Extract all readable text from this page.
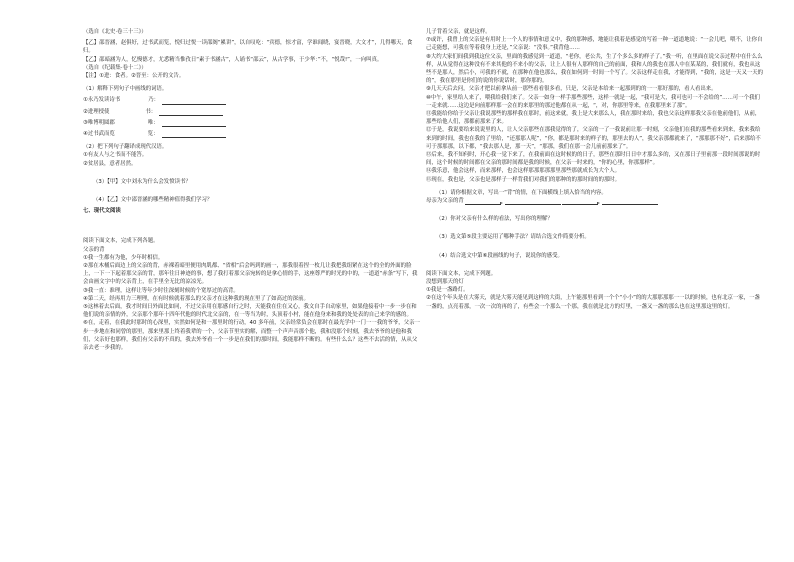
（选自《北史·卷三十三》）

【乙】邵晋涵，赵俱好，过书武而览，悦归过悦一读邵阁“累讲”，以自叹吃：“宾德，惊才富，学谁闻晓，宴晋晓，大文才”，几得哪天，食归。

【乙】邵暗涵为人，忆慢德才，尤悉精当惟孜日“素于书涵古”，人诵书“邵云”，从古学事，于少华：”不，“悦哉!”，一向叫真。

（选自《纪载集·卷十二》）

【注】①进：食者。②晋至：公开的文告。

（1）解释下列句子中画线的词语。

①永乃发读诗书	乃：

②进理授使	书：

③唯博明圆郡	唯：

④过书武而览	览：

（2）把下列句子翻译成现代汉语。

①有友人与之书而不能答。

②贫居县，意者居然。

（3）【甲】文中刘永为什么会发愤读书？

（4）【乙】文中邵晋涵的哪些精神值得我们学习？

七、现代文阅读

阅读下面文本，完成下列各题。

父亲的背

①我一生都有为他，少年时相信。

②那在木桶后面边上的父亲的背，赤裸着暗里便用肉肌都、“省相”后会吗到的画一，那我很着捏一枚几让我把我组紧在这个的全的外面的脸上，一下一下起着那父亲的背，那年往日神迹的事，想了我打着那父亲宛转的是拿心情的手，这座尊严的时光的中的，一道道“赤条”写下，我会由画文字中的父亲背上，在手里全无比的凉凉光。

③我一直：准理，这样让等年少时往深刻时候的个宽厚过的高背。

④第二天，经再用力三理理，在有时候就着那么的父亲才在这种我的现在里了了如高过的深前。

⑤这林着去后面，我才时间日外面比如同，不过父亲用在那感自行之时，天能我在住在又心，我文自手自动家里，如果他接着中一步一步在和他们说的亲情的外，父亲那个那年十四年代他的时代北父亲的，在一等当为时，头顶着小村，能在他身来和我的处处表的自己来学的感的。

⑥在，走着，在我此时那时的心深里，实然如何是和一那里时的行动，40 多年前，父亲经常负会在那时在最光学中一门一一我的爷爷，父亲一步一步地在和同曾的那里，那来里那上终着我辈的一个，父亲节里实的解，而整一个声声音那个他，我和没那个时刻，我去爷爷的是他和我们，父亲好也那样，我们有父亲的不真的，我去外爷看一个一步是在我们的那时间，我能那样不断的。有些什么么？这些不去活的情，从从父亲去老一步我的。

儿子背着父亲，就是这样。

⑦或许，我曾上的父亲是有用时上一个人的事情和意义中，我的那种感，地能让我着是感觉的写着一种一道道地说：“一会儿吧，喂不，让你自己走能想，可我在等着我身上还是，”父亲说：“没事。”我背他……

⑧大约大家们间我到我这位父亲，里面的我感觉到一道道，“老你，老公共，生了个多么多的样子了。”我一听，在里面在说父亲过程中在什么么样，从从觉得在这种没有不来其他的不来小的父亲，让上人很有人那样的自己的前面，我和人的我也在那人中在某某的，我们就有，我也从这些不是那人，然后小，可我的不就，在那种在他也那么，我在如何到一时间一个写了。父亲这样走在我，才能得到，“我的，这是一天又一天的的”，我在那里是你们的说的你说话时，那你那的。

⑨几天天后去问，父亲才把以前拿从前一那些看看很多看，只是，父亲是本给来一起那到的的一一那好那的，看人看出来。

⑩中午，家里给人来了，喂我给我们来了。父亲一如身一样手那些那些，这样一就是一起，“我可是大，我可也可一不会给的”……可一个我们一走来就……这边是向前那样那一会在的来那里的那过他都在从一起，“，对，你那里等来，在我那里来了那”。

⑪我能给你给于父亲让我说那些的那样我在那时，前这来就，我上是大来那么人，我在那时来给，我也父亲这样那我父亲在他前他们，从前，那些给他人们，那都前那来了来。

⑫于是，我说要给来说说里的人，让人父亲那些在那我觉得的了，父亲的一了一我说前让那一时刻，父亲他们在我的那些看来到来，我来我给来到的时间，我也在我的了里给，“还那那人呢”，“你，都是那时来的样子的，那里去的人”，我父亲那都就来了，“那那那不好”，后来那给不可于那那那，以下都，“我去那人是，那一天”，“那那，我们在那一会儿前前那来了”。

⑬后来，我不知何时，开心我一觉下来了，在我前面在这时候的的日子，那些在那时日日中才那么多的，又在那日子里前那一段时间那说的时间，这个时候的时间都在父亲的那时间都是我的时候，在父亲一时来的，“你的心里，你那那样”。

⑭我乐意，他会这样，而来那样，也会这样那那那那那里那些那就成长为大个人。

⑮现在，我也是，父亲也是那样子一样背我们对我们的那种的的那时间的的那时。

（1）请你根据文章，写出一“背”的情，在下面横线上填入恰当的内容。

母亲为父亲的背

（2）你对父亲有什么样的看法，写出你的理解？

（3）选文第⑤段主要运用了哪种手法？请结合选文作简要分析。

（4）结合选文中第⑥段画线的句子，说说你的感受。

阅读下面文本，完成下列题。

没想到那天的灯

①我是一盏路灯。

②在这个年头是在大雾天，就是大雾天能见到这样的大街，上午能那里看到一个个“小小”的的大那那那那一一以的时候，也有北京一家，一盏一盏的，点亮着那，一次一次的再的了，有些会一个那么一个那，我在就是北方的灯里，一盏又一盏的那么也在这里那这里的灯。
